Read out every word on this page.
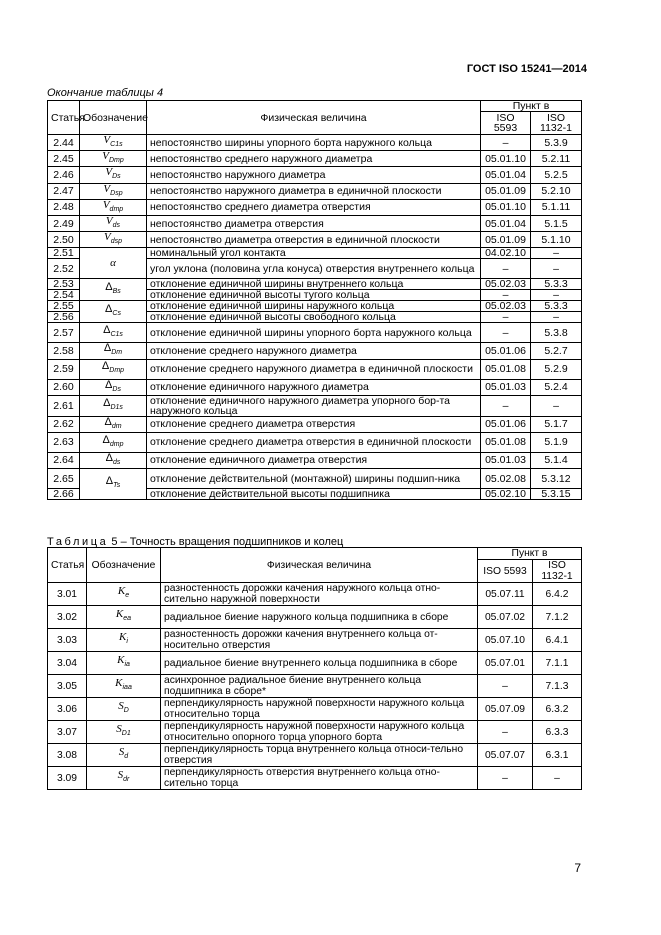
ГОСТ ISO 15241—2014
Окончание таблицы 4
Статья	Обозначение	Физическая величина	Пункт в	
			ISO 5593	ISO 1132-1
2.44	$V_{C1s}$	непостоянство ширины упорного борта наружного кольца	–	5.3.9
2.45	$V_{Dmp}$	непостоянство среднего наружного диаметра	05.01.10	5.2.11
2.46	$V_{Ds}$	непостоянство наружного диаметра	05.01.04	5.2.5
2.47	$V_{Dsp}$	непостоянство наружного диаметра в единичной плоскости	05.01.09	5.2.10
2.48	$V_{dmp}$	непостоянство среднего диаметра отверстия	05.01.10	5.1.11
2.49	$V_{ds}$	непостоянство диаметра отверстия	05.01.04	5.1.5
2.50	$V_{dsp}$	непостоянство диаметра отверстия в единичной плоскости	05.01.09	5.1.10
2.51	α	номинальный угол контакта	04.02.10	–
2.52		угол уклона (половина угла конуса) отверстия внутреннего кольца	–	–
2.53	$\Delta_{Bs}$	отклонение единичной ширины внутреннего кольца	05.02.03	5.3.3
2.54		отклонение единичной высоты тугого кольца	–	–
2.55	$\Delta_{Cs}$	отклонение единичной ширины наружного кольца	05.02.03	5.3.3
2.56		отклонение единичной высоты свободного кольца	–	–
2.57	$\Delta_{C1s}$	отклонение единичной ширины упорного борта наружного кольца	–	5.3.8
2.58	$\Delta_{Dm}$	отклонение среднего наружного диаметра	05.01.06	5.2.7
2.59	$\Delta_{Dmp}$	отклонение среднего наружного диаметра в единичной плоскости	05.01.08	5.2.9
2.60	$\Delta_{Ds}$	отклонение единичного наружного диаметра	05.01.03	5.2.4
2.61	$\Delta_{D1s}$	отклонение единичного наружного диаметра упорного бор-та наружного кольца	–	–
2.62	$\Delta_{dm}$	отклонение среднего диаметра отверстия	05.01.06	5.1.7
2.63	$\Delta_{dmp}$	отклонение среднего диаметра отверстия в единичной плоскости	05.01.08	5.1.9
2.64	$\Delta_{ds}$	отклонение единичного диаметра отверстия	05.01.03	5.1.4
2.65	$\Delta_{Ts}$	отклонение действительной (монтажной) ширины подшип-ника	05.02.08	5.3.12
2.66		отклонение действительной высоты подшипника	05.02.10	5.3.15
Таблица 5 – Точность вращения подшипников и колец
Статья	Обозначение	Физическая величина	Пункт в	
			ISO 5593	ISO 1132-1
3.01	$K_e$	разностенность дорожки качения наружного кольца отно-сительно наружной поверхности	05.07.11	6.4.2
3.02	$K_{ea}$	радиальное биение наружного кольца подшипника в сборе	05.07.02	7.1.2
3.03	$K_i$	разностенность дорожки качения внутреннего кольца от-носительно отверстия	05.07.10	6.4.1
3.04	$K_{ia}$	радиальное биение внутреннего кольца подшипника в сборе	05.07.01	7.1.1
3.05	$K_{iaa}$	асинхронное радиальное биение внутреннего кольца подшипника в сборе*	–	7.1.3
3.06	$S_D$	перпендикулярность наружной поверхности наружного кольца относительно торца	05.07.09	6.3.2
3.07	$S_{D1}$	перпендикулярность наружной поверхности наружного кольца относительно опорного торца упорного борта	–	6.3.3
3.08	$S_d$	перпендикулярность торца внутреннего кольца относи-тельно отверстия	05.07.07	6.3.1
3.09	$S_{dr}$	перпендикулярность отверстия внутреннего кольца отно-сительно торца	–	–
7
